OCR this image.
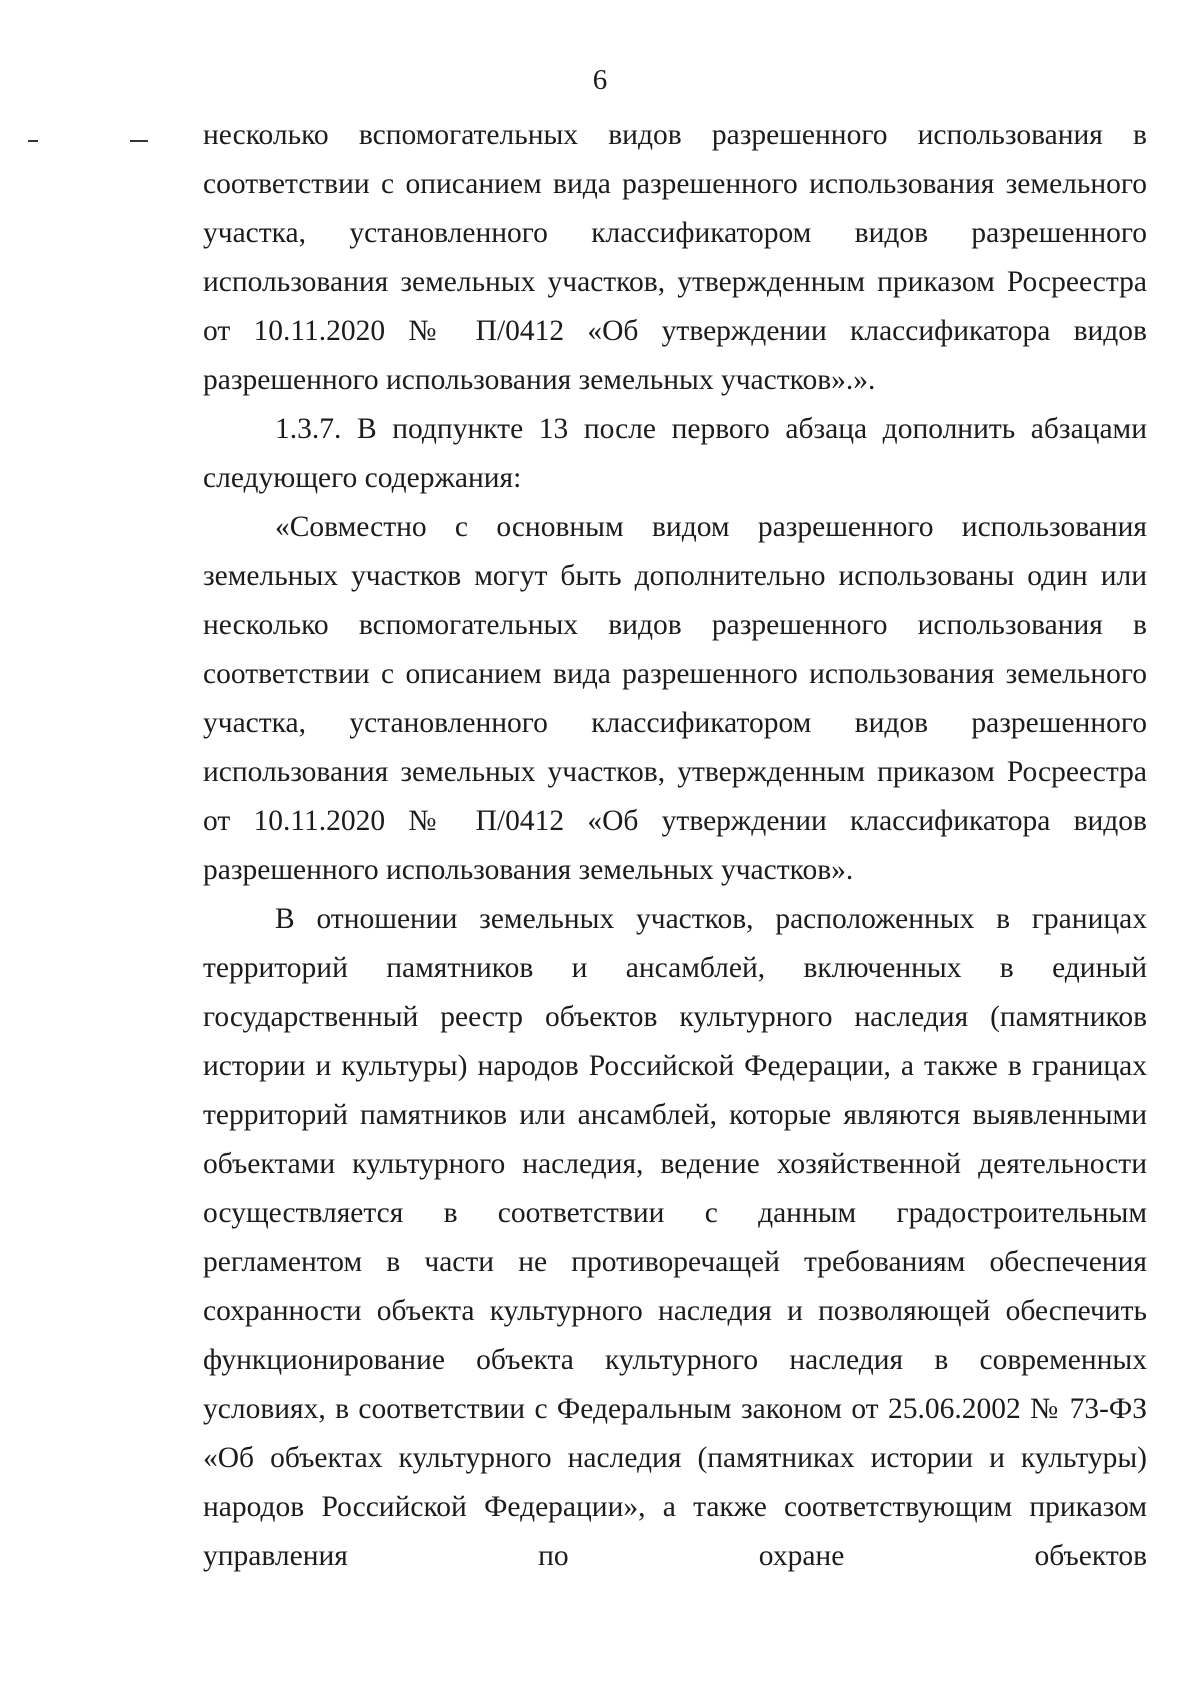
6

несколько вспомогательных видов разрешенного использования в соответствии с описанием вида разрешенного использования земельного участка, установленного классификатором видов разрешенного использования земельных участков, утвержденным приказом Росреестра от 10.11.2020 № П/0412 «Об утверждении классификатора видов разрешенного использования земельных участков».».

1.3.7. В подпункте 13 после первого абзаца дополнить абзацами следующего содержания:

«Совместно с основным видом разрешенного использования земельных участков могут быть дополнительно использованы один или несколько вспомогательных видов разрешенного использования в соответствии с описанием вида разрешенного использования земельного участка, установленного классификатором видов разрешенного использования земельных участков, утвержденным приказом Росреестра от 10.11.2020 № П/0412 «Об утверждении классификатора видов разрешенного использования земельных участков».

В отношении земельных участков, расположенных в границах территорий памятников и ансамблей, включенных в единый государственный реестр объектов культурного наследия (памятников истории и культуры) народов Российской Федерации, а также в границах территорий памятников или ансамблей, которые являются выявленными объектами культурного наследия, ведение хозяйственной деятельности осуществляется в соответствии с данным градостроительным регламентом в части не противоречащей требованиям обеспечения сохранности объекта культурного наследия и позволяющей обеспечить функционирование объекта культурного наследия в современных условиях, в соответствии с Федеральным законом от 25.06.2002 № 73-ФЗ «Об объектах культурного наследия (памятниках истории и культуры) народов Российской Федерации», а также соответствующим приказом управления по охране объектов
